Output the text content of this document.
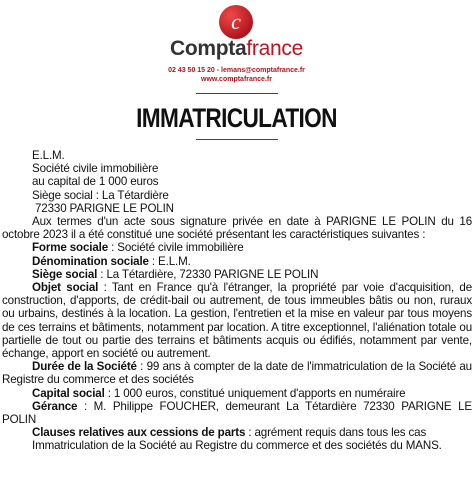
c
Comptafrance
02 43 50 15 20 - lemans@comptafrance.fr
www.comptafrance.fr
IMMATRICULATION

E.L.M.

Société civile immobilière

au capital de 1 000 euros

Siège social : La Tétardière

72330 PARIGNE LE POLIN

Aux termes d'un acte sous signature privée en date à PARIGNE LE POLIN du 16 octobre 2023 il a été constitué une société présentant les caractéristiques suivantes :

Forme sociale : Société civile immobilière

Dénomination sociale : E.L.M.

Siège social : La Tétardière, 72330 PARIGNE LE POLIN

Objet social : Tant en France qu'à l'étranger, la propriété par voie d'acquisition, de construction, d'apports, de crédit-bail ou autrement, de tous immeubles bâtis ou non, ruraux ou urbains, destinés à la location. La gestion, l'entretien et la mise en valeur par tous moyens de ces terrains et bâtiments, notamment par location. A titre exceptionnel, l'aliénation totale ou partielle de tout ou partie des terrains et bâtiments acquis ou édifiés, notamment par vente, échange, apport en société ou autrement.

Durée de la Société : 99 ans à compter de la date de l'immatriculation de la Société au Registre du commerce et des sociétés

Capital social : 1 000 euros, constitué uniquement d'apports en numéraire

Gérance : M. Philippe FOUCHER, demeurant La Tétardière 72330 PARIGNE LE POLIN

Clauses relatives aux cessions de parts : agrément requis dans tous les cas

Immatriculation de la Société au Registre du commerce et des sociétés du MANS.
